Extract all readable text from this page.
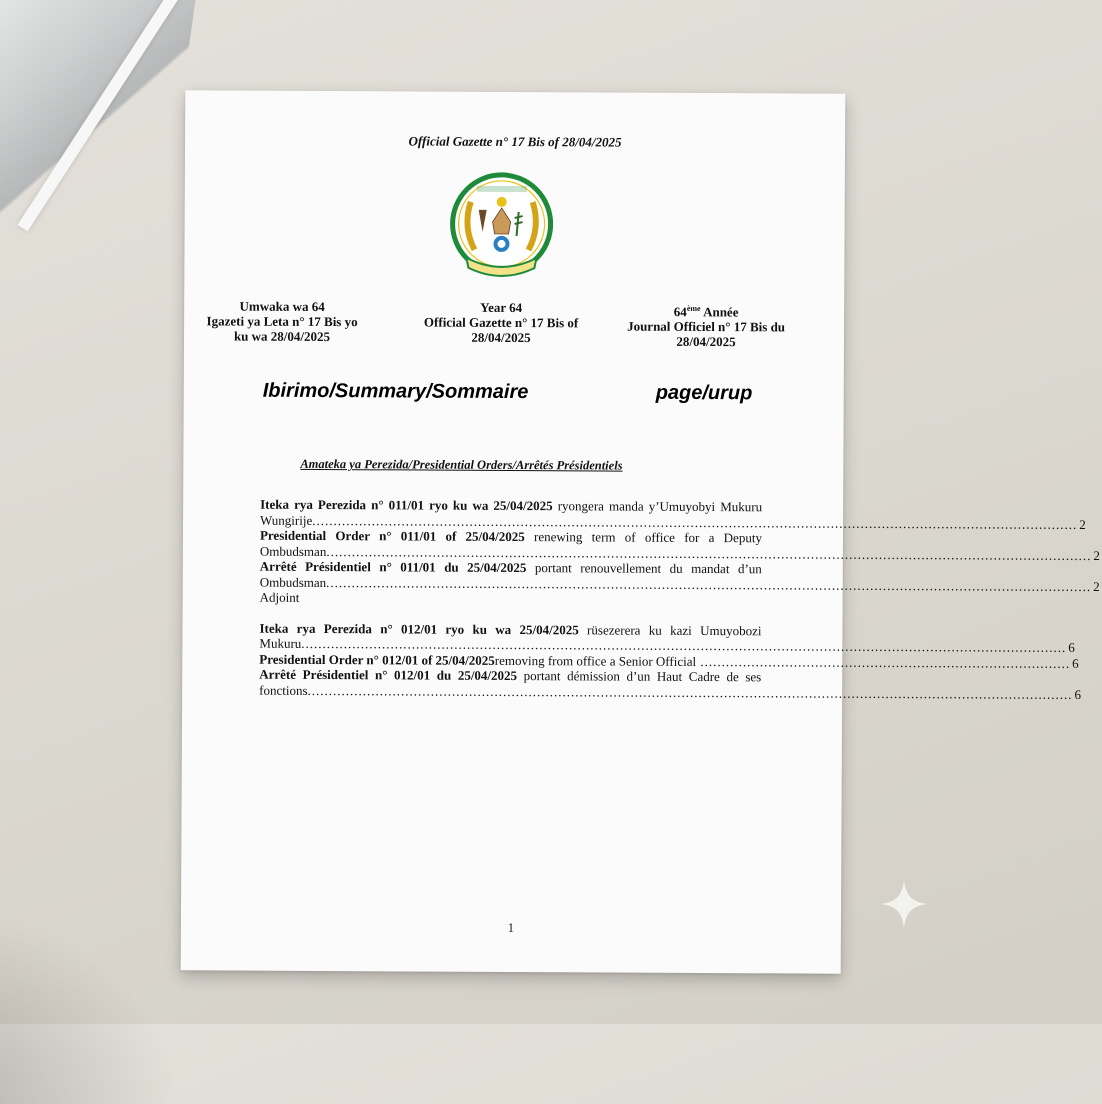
Official Gazette n° 17 Bis of 28/04/2025
Umwaka wa 64
Igazeti ya Leta n° 17 Bis yo
ku wa 28/04/2025
Year 64
Official Gazette n° 17 Bis of
28/04/2025
64ème Année
Journal Officiel n° 17 Bis du
28/04/2025
Ibirimo/Summary/Sommaire	page/urup
Amateka ya Perezida/Presidential Orders/Arrêtés Présidentiels
Iteka rya Perezida n° 011/01 ryo ku wa 25/04/2025 ryongera manda y’Umuyobyi Mukuru
Wungirije .................................................................................................................................................................................... 2
Presidential Order n° 011/01 of 25/04/2025 renewing term of office for a Deputy
Ombudsman .................................................................................................................................................................................... 2
Arrêté Présidentiel n° 011/01 du 25/04/2025 portant renouvellement du mandat d’un
Ombudsman Adjoint
.................................................................................................................................................................................... 2
Iteka rya Perezida n° 012/01 ryo ku wa 25/04/2025 rüsezerera ku kazi Umuyobozi
Mukuru .................................................................................................................................................................................... 6
Presidential Order n° 012/01 of 25/04/2025 removing from office a Senior Official ....................................................................................... 6
Arrêté Présidentiel n° 012/01 du 25/04/2025 portant démission d’un Haut Cadre de ses
fonctions .................................................................................................................................................................................... 6
1
